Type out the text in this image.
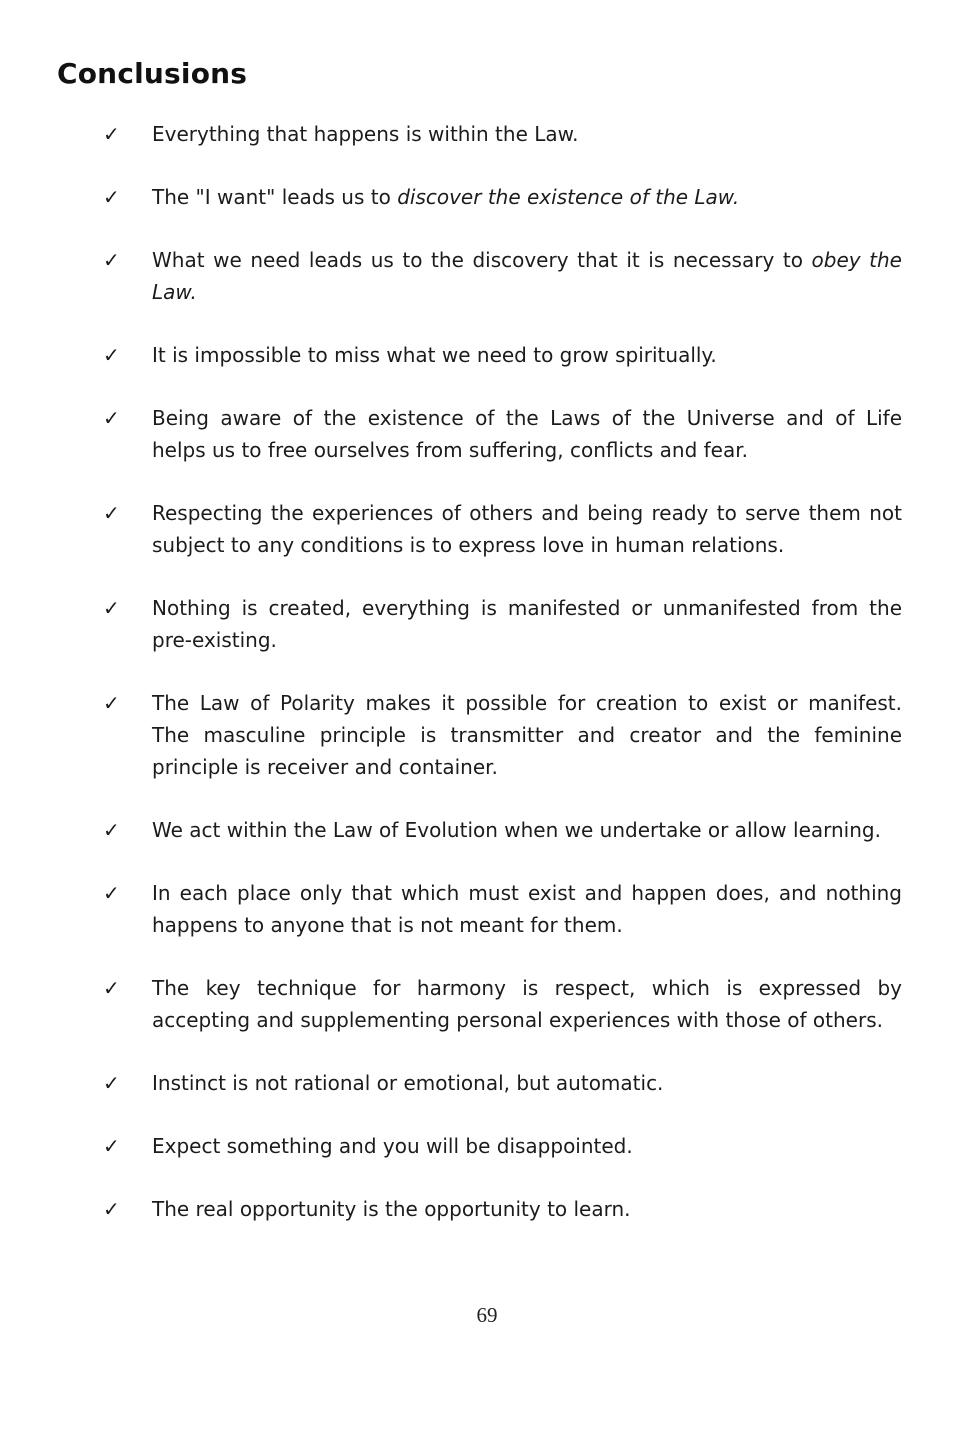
Conclusions
✓	Everything that happens is within the Law.
✓	The "I want" leads us to discover the existence of the Law.
✓	What we need leads us to the discovery that it is necessary to obey the
Law.
✓	It is impossible to miss what we need to grow spiritually.
✓	Being aware of the existence of the Laws of the Universe and of Life
helps us to free ourselves from suffering, conflicts and fear.
✓	Respecting the experiences of others and being ready to serve them not
subject to any conditions is to express love in human relations.
✓	Nothing is created, everything is manifested or unmanifested from the
pre-existing.
✓	The Law of Polarity makes it possible for creation to exist or manifest.
The masculine principle is transmitter and creator and the feminine
principle is receiver and container.
✓	We act within the Law of Evolution when we undertake or allow learning.
✓	In each place only that which must exist and happen does, and nothing
happens to anyone that is not meant for them.
✓	The key technique for harmony is respect, which is expressed by
accepting and supplementing personal experiences with those of others.
✓	Instinct is not rational or emotional, but automatic.
✓	Expect something and you will be disappointed.
✓	The real opportunity is the opportunity to learn.
69
